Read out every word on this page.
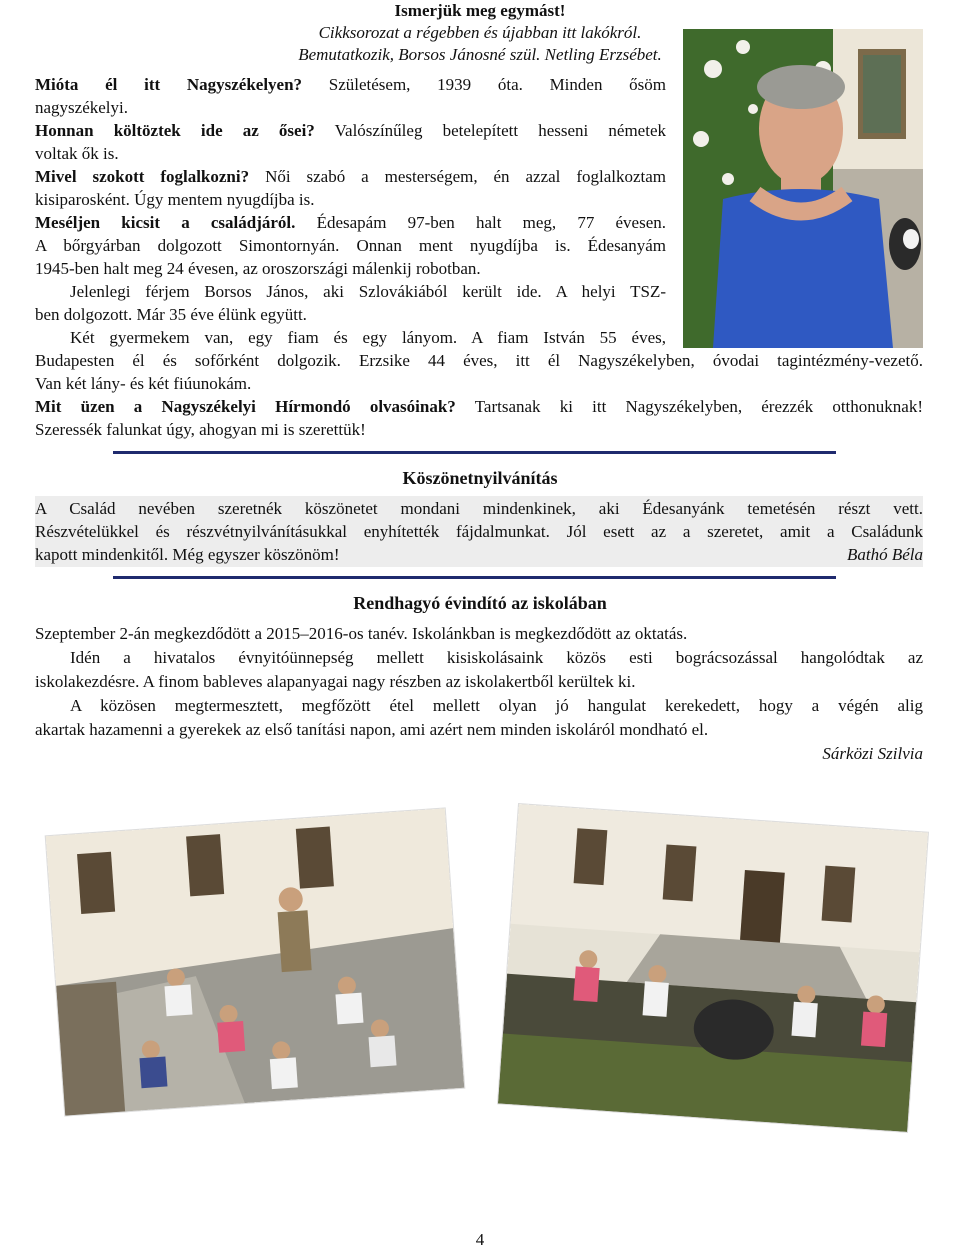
Ismerjük meg egymást!

Cikksorozat a régebben és újabban itt lakókról.

Bemutatkozik, Borsos Jánosné szül. Netling Erzsébet.

Mióta él itt Nagyszékelyen? Születésem, 1939 óta. Minden ősöm

nagyszékelyi.

Honnan költöztek ide az ősei? Valószínűleg betelepített hesseni németek

voltak ők is.

Mivel szokott foglalkozni? Női szabó a mesterségem, én azzal foglalkoztam

kisiparosként. Úgy mentem nyugdíjba is.

Meséljen kicsit a családjáról. Édesapám 97-ben halt meg, 77 évesen.

A bőrgyárban dolgozott Simontornyán. Onnan ment nyugdíjba is. Édesanyám

1945-ben halt meg 24 évesen, az oroszországi málenkij robotban.

Jelenlegi férjem Borsos János, aki Szlovákiából került ide. A helyi TSZ-

ben dolgozott. Már 35 éve élünk együtt.

Két gyermekem van, egy fiam és egy lányom. A fiam István 55 éves,

Budapesten él és sofőrként dolgozik. Erzsike 44 éves, itt él Nagyszékelyben, óvodai tagintézmény-vezető.

Van két lány- és két fiúunokám.

Mit üzen a Nagyszékelyi Hírmondó olvasóinak? Tartsanak ki itt Nagyszékelyben, érezzék otthonuknak!

Szeressék falunkat úgy, ahogyan mi is szerettük!

Köszönetnyilvánítás

A Család nevében szeretnék köszönetet mondani mindenkinek, aki Édesanyánk temetésén részt vett.

Részvételükkel és részvétnyilvánításukkal enyhítették fájdalmunkat. Jól esett az a szeretet, amit a Családunk

kapott mindenkitől. Még egyszer köszönöm!	Bathó Béla

Rendhagyó évindító az iskolában

Szeptember 2-án megkezdődött a 2015–2016-os tanév. Iskolánkban is megkezdődött az oktatás.

Idén a hivatalos évnyitóünnepség mellett kisiskolásaink közös esti bográcsozással hangolódtak az

iskolakezdésre. A finom bableves alapanyagai nagy részben az iskolakertből kerültek ki.

A közösen megtermesztett, megfőzött étel mellett olyan jó hangulat kerekedett, hogy a végén alig

akartak hazamenni a gyerekek az első tanítási napon, ami azért nem minden iskoláról mondható el.

Sárközi Szilvia

4
